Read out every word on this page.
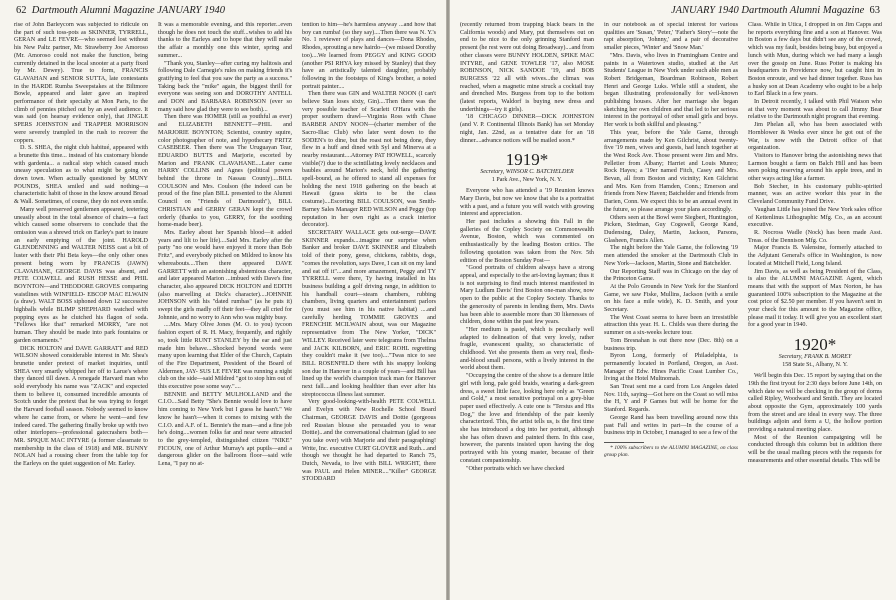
62 Dartmouth Alumni Magazine JANUARY 1940

rise of John Barleycorn was subjected to ridicule on the part of such toss-pots as SKINNER, TYRRELL, GERAN and LE FEVRE—who seemed lost without his New Paltz partner, Mr. Strawberry Joe Amoroso (Mr. Amoroso could not make the function, being currently detained in the local snooter at a party fixed by Mr. Dewey). True to form, FRANCIS GLAVAHAN and SENIOR SUTTA, late contestants in the HARDE Rumba Sweepstakes at the Biltmore Bowle, appeared and later gave an inspired performance of their specialty at Mon Paris, to the climb of pennies pitched out by an awed audience. It was said (on hearsay evidence only), that JINGLE SPERS JOHNSTON and TRAPPER MORRISON were severely trampled in the rush to recover the coppers.

D. S. SHEA, the night club habitué, appeared with a brunette this time... instead of his customary blonde with gardenia... a radical step which caused much uneasy speculation as to what might be going on down town. When actually questioned by MUNY POUNDS, SHEA smiled and said nothing—a characteristic habit of those in the know around Broad & Wall. Sometimes, of course, they do not even smile.

Many well preserved gentlemen appeared, teetering uneasily about in the total absence of chairs—a fact which caused some observers to conclude that the omission was a shrewd trick on Earley's part to insure an early emptying of the joint. HAROLD GLENDENNING and WALTER NEISS cast a bit of luster with their Phi Beta keys—the only other ones present being worn by FRANCIS (JAWN) CLAVAHANE, GEORGE DAVIS was absent, and PETE COLWELL and RUSH HESSE and PHIL BOYNTON—and THEODORE GROVES comparing waistlines with WINFIELD- EBCOP MAC ELWAIN (a draw). WALT BOSS siphoned down 12 successive highballs while BLIMP SHEPHARD watched with popping eyes as he clutched his flagon of soda. "Fellows like that" remarked MORRY, "are not human. They should be made into park fountains or garden ornaments."

DICK HOLTON and DAVE GARRATT and RED WILSON showed considerable interest in Mr. Shea's brunette under pretext of market inquiries, until SHEA very smartly whipped her off to Larue's where they danced till dawn. A renegade Harvard man who sold everybody his name was "ZACK" and expected them to believe it, consumed incredible amounts of Scotch under the pretext that he was trying to forget the Harvard football season. Nobody seemed to know where he came from, or where he went—and few indeed cared. The gathering finally broke up with two other interlopers—professional gatecrashers both—MR. SPIQUE MAC INTYRE (a former classmate to membership in the class of 1918) and MR. BUNNY NOLAN had a rousing cheer from the table top for the Earleys on the quiet suggestion of Mr. Earley.

It was a memorable evening, and this reporter...even though he does not touch the stuff...wishes to add his thanks to the Earleys and to hope that they will make the affair a monthly one this winter, spring and summer...

"Thank you, Stanley—after curing my halitosis and following Dale Carnegie's rules on making friends it's gratifying to feel that you saw the party as a success." Taking back the "mike" again, the biggest thrill for everyone was seeing son and DOROTHY ANTELL and DON and BARBARA ROBINSON (ever so many said how glad they were to see both)...

Then there was HOMER (still as youthful as ever) and ELIZABETH BENNETT—PHIL and MARJORIE BOYNTON; Scientist, country squire, color photographer of note, and hypothecary FRITZ CASEBEER. Then there was The Uruguayan Tear, EDUARDO BUTTS and Marjorie, escorted by Marion and FRANK CLAVAHANE....Later came HARRY COLLINS and Agnes (political powers behind the throne in Nassau County)....BILL COULSON and Mrs. Coulson (the indeed can be proud of the fine plan BILL presented to the Alumni Council on "Friends of Dartmouth"), BILL CHRISTIAN and GERRY GERAN kept the crowd orderly (thanks to you, GERRY, for the soothing home-made beer).

Mrs. Earley about her Spanish blood—it added years and lilt to her life)....Said Mrs. Earley after the party "no one would have enjoyed it more than Bob Fritz", and everybody pitched on Mildred to know his whereabouts....Then there appeared DAVE GARRETT with an astonishing abstemious character, and later appeared Marion ...imbued with Dave's fine character, also appeared DICK HOLTON and EDITH (also marvelling at Dick's character)....JOHNNIE JOHNSON with his "dated rumbas" (as he puts it) swept the girls madly off their feet—they all cried for Johnnie, and no worry to Ann who was mighty busy.

....Mrs. Mary Olive Jones (M. O. to you) tycoon fashion expert of R. H. Macy, frequently, and rightly so, took little RUNT STANLEY by the ear and just made him behave....Shocked beyond words were many upon learning that Elder of the Church, Captain of the Fire Department, President of the Board of Aldermen, JAY- SUS LE FEVRE was running a night club on the side—said Mildred "got to stop him out of this executive pose some way."....

BENNIE and BETTY MULHOLLAND and the C.I.O....Said Betty "She's Bennie would love to have him coming to New York but I guess he hasn't." We know he hasn't—when it comes to mixing with the C.I.O. and A.F. of L. Bennie's the man—and a fine job he's doing....women folks far and near were attracted to the grey-templed, distinguished citizen "NIKE" FICOUN, one of Arthur Murray's apt pupils—and a dangerous glider on the ballroom floor—said wife Lena, "I pay no at-

tention to him—he's harmless anyway ...and how that boy can rumba! (so they say)....Then there was N. Y.'s No. 1 reviewer of plays and dances—Dona Rhodes, Rhodes, sprouting a new hairdo—(we missed Dorothy too)....We learned from PEGGY and KING GOOD (another PSI RHYA key missed by Stanley) that they have an artistically talented daughter, probably following in the footsteps of King's brother, a noted portrait painter....

Then there was GIN and WALTER NOON (I can't believe Stan loses sixty, Gin)....Then there was the very possible teacher of Scarlett O'Hara with the proper southern drawl—Virginia Ross with Chase BARBER ANDY NOON—(charter member of the Sacro-Iliac Club) who later went down to the SODEN's to dine, but the roast not being done, they flew in a huff and dined with Syl and Minerva at a nearby restaurant....Attorney PAT HOWELL, scarcely visible(?) due to the scintillating lovely necklaces and baubles around Marion's neck, held the gathering spell-bound, as he offered to stand all expenses for holding the next 1918 gathering on the beach at Hawaii (grass skirts to be the class costume)....Escorting BILL COULSON, was Smith-Barney Sales Manager RED WILSON and Peggy (top reputation in her own right as a crack interior decorator).

SECRETARY WALLACE gets out-serge—DAVE SKINNER expands....imagine our surprise when Banker and broker DAVE SKINNER and Elizabeth told of their pony, geese, chickens, rabbits, dogs, "comes the revolution, says Dave, I can sit on my land and eat off it"....and more amazement, Peggy and TY TYRRELL were there, Ty having installed in his business building a golf driving range, in addition to his handball court—steam chambers, rubbing chambers, living quarters and entertainment parlors (you must see him in his native habitat) ....and carefully herding TOMMIE GROVES and FRENCHIE MCILWAIN about, was our Magazine representative from The New Yorker, "DICK" WILLEY. Received later were telegrams from Thelma and JACK KILBORN, and ERIC ROHL regretting they couldn't make it (we too)...."Twas nice to see BILL ROSENFELD there with his snappy looking son due in Hanover in a couple of years—and Bill has lined up the world's champion track man for Hanover next fall....and looking healthier than ever after his streptococcus illness last summer.

Very good-looking-with-health PETE COLWELL and Evelyn with New Rochelle School Board Chairman, GEORGE DAVIS and Dottie (gorgeous red Russian blouse she persuaded you to wear Dottie)...and the conversational chairman (glad to see you take over) with Marjorie and their paragraphing! Write, Inc. executive CURT GLOVER and Ruth....and though we thought he had departed to Ranch 75, Dutch, Nevada, to live with BILL WRIGHT, there was PAUL and Helen MINER...."Killer" GEORGE STODDARD

JANUARY 1940 Dartmouth Alumni Magazine 63

(recently returned from trapping black bears in the California woods) and Mary, put themselves out on end to be nice to the only grinning Stanford man present (he rest were out doing Broadway)....and from other classes were BUNNY HOLDEN, SPIKE MAC INTYRE, and GENE TOWLER '17, also MOSE ROBINSON, NICK SANDOE '19, and BOB BURGESS '22 all with wives...the climax was reached, when a magnetic mine struck a cocktail tray and drenched Mrs. Burgess from top to the bottom (latest reports, Waldorf is buying new dress and underthings—try it girls).

'18 CHICAGO DINNER—DICK JOHNSTON (and V. P. Continental Illinois Bank) has set Monday night, Jan. 22nd, as a tentative date for an '18 dinner....advance notices will be mailed soon.*

1919*
Secretary, WINSOR C. BATCHELDER
1 Park Ave., New York, N. Y.

Everyone who has attended a '19 Reunion knows Mary Davis, but now we know that she is a portraitist with a past, and a future you will watch with growing interest and appreciation.

Her past includes a showing this Fall in the galleries of the Copley Society on Commonwealth Avenue, Boston, which was commented on enthusiastically by the leading Boston critics. The following quotation was taken from the Nov. 5th edition of the Boston Sunday Post—

"Good portraits of children always have a strong appeal, and especially to the art-loving layman; thus it is not surprising to find much interest manifested in Mary Ludlum Davis' first Boston one-man show, now open to the public at the Copley Society. Thanks to the generosity of parents in lending them, Mrs. Davis has been able to assemble more than 30 likenesses of children, done within the past few years.

"Her medium is pastel, which is peculiarly well adapted to delineation of that very lovely, rather fragile, evanescent quality, so characteristic of childhood. Yet she presents them as very real, flesh-and-blood small persons, with a lively interest in the world about them.

"Occupying the centre of the show is a demure little girl with long, pale gold braids, wearing a dark-green dress, a sweet little face, looking here only as "Green and Gold," a most sensitive portrayal on a grey-blue paper used effectively. A cute one is "Tersius and His Dog," the love and friendship of the pair keenly characterized. This, the artist tells us, is the first time she has introduced a dog into her portrait, although she has often drawn and painted them. In this case, however, the parents insisted upon having the dog portrayed with his young master, because of their constant companionship.

"Other portraits which we have checked

in our notebook as of special interest for various qualities are 'Susan,' 'Peter,' 'Father's Story'—note the rapt absorption, 'Johnny,' and a pair of decorative smaller pieces, 'Winter' and 'Snow Man.'

"Mrs. Davis, who lives in Framingham Centre and paints in a Watertown studio, studied at the Art Students' League in New York under such able men as Robert Bridgeman, Boardman Robinson, Robert Henri and George Luks. While still a student, she began illustrating professionally for well-known publishing houses. After her marriage she began sketching her own children and that led to her serious interest in the portrayal of other small girls and boys. Her work is both skillful and pleasing."

This year, before the Yale Game, through arrangements made by Ken Gilchrist, about twenty-five '19 men, wives and guests, had lunch together at the West Rock Ave. Those present were Jim and Mrs. Pelletier from Albany; Harriet and Louis Munro; Rock Hayes; a '19er named Fitch, Casey and Mrs. Bevan, all from Boston and vicinity; Ken Gilchrist and Mrs. Ken from Hamden, Conn.; Emerson and friends from New Haven; Batchelder and friends from Darien, Conn. We expect this to be an annual event in the future, so please arrange your plans accordingly.

Others seen at the Bowl were Siegbert, Huntington, Picken, Stedman, Guy Cogswell, George Kand, Dudensing, Daley, Martin, Jackson, Parsons, Glasheen, Francis Allen.

The night before the Yale Game, the following '19 men attended the smoker at the Dartmouth Club in New York—Jackson, Martin, Stone and Batchelder.

Our Reporting Staff was in Chicago on the day of the Princeton Game.

At the Polo Grounds in New York for the Stanford Game, we saw Fiske, Mullins, Jackson (with a smile on his face a mile wide), K. D. Smith, and your Secretary.

The West Coast seems to have been an irresistible attraction this year. H. L. Childs was there during the summer on a six-weeks lecture tour.

Tom Bresnahan is out there now (Dec. 8th) on a business trip.

Byron Long, formerly of Philadelphia, is permanently located in Portland, Oregon, as Asst. Manager of Edw. Hines Pacific Coast Lumber Co., living at the Hotel Multnomah.

San Treat sent me a card from Los Angeles dated Nov. 11th, saying—Got here on the Coast so will miss the H, Y and P Games but will be home for the Stanford. Regards.

George Rand has been travelling around now this past Fall and writes in part—In the course of a business trip in October, I managed to see a few of the

* 100% subscribers to the ALUMNI MAGAZINE, on class group plan.

Class. While in Utica, I dropped in on Jim Capps and he reports everything fine and a son at Hanover. Was in Boston a few days but didn't see any of the crowd, which was my fault, besides being busy, but enjoyed a lunch with Mun, during which we had many a laugh over the gossip on June. Russ Potter is making his headquarters in Providence now, but caught him in Boston enroute, and we had dinner together. Russ has a husky son at Dean Academy who ought to be a help to Earl Black in a few years.

In Detroit recently, I talked with Phil Watson who at that very moment was about to call Jimmy Bear relative to the Dartmouth night program that evening.

Jim Phelan all, who has been associated with Hornblower & Weeks ever since he got out of the War, is now with the Detroit office of that organization.

Visitors to Hanover bring the astonishing news that Larmon bought a farm on Balch Hill and has been seen poking reserving around his apple trees, and in other ways acting like a farmer.

Bob Stecher, in his customary public-spirited manner, was an active worker this year in the Cleveland Community Fund Drive.

Vaughan Little has joined the New York sales office of Kettenlinus Lithographic Mfg. Co., as an account executive.

R. Nocross Wadle (Nock) has been made Asst. Treas. of the Dennison Mfg. Co.

Major Francis B. Valensine, formerly attached to the Adjutant General's office in Washington, is now located at Mitchell Field, Long Island.

Jim Davis, as well as being President of the Class, is also the ALUMNI MAGAZINE Agent, which means that with the support of Max Norton, he has guaranteed 100% subscription to the Magazine at the cost price of $2.50 per member. If you haven't sent in your check for this amount to the Magazine office, please mail it today. It will give you an excellent start for a good year in 1940.

1920*
Secretary, FRANK B. MOREY
158 State St., Albany, N. Y.

We'll begin this Dec. 15 report by saying that on the 19th the first tryout for 2:30 days before June 14th, on which date we will be checking in the group of dorms called Ripley, Woodward and Smith. They are located about opposite the Gym, approximately 100 yards from the street and are ideal in every way. The three buildings adjoin and form a U, the hollow portion providing a natural meeting place.

Most of the Reunion campaigning will be conducted through this column but in addition there will be the usual mailing pieces with the requests for measurements and other essential details. This will be
